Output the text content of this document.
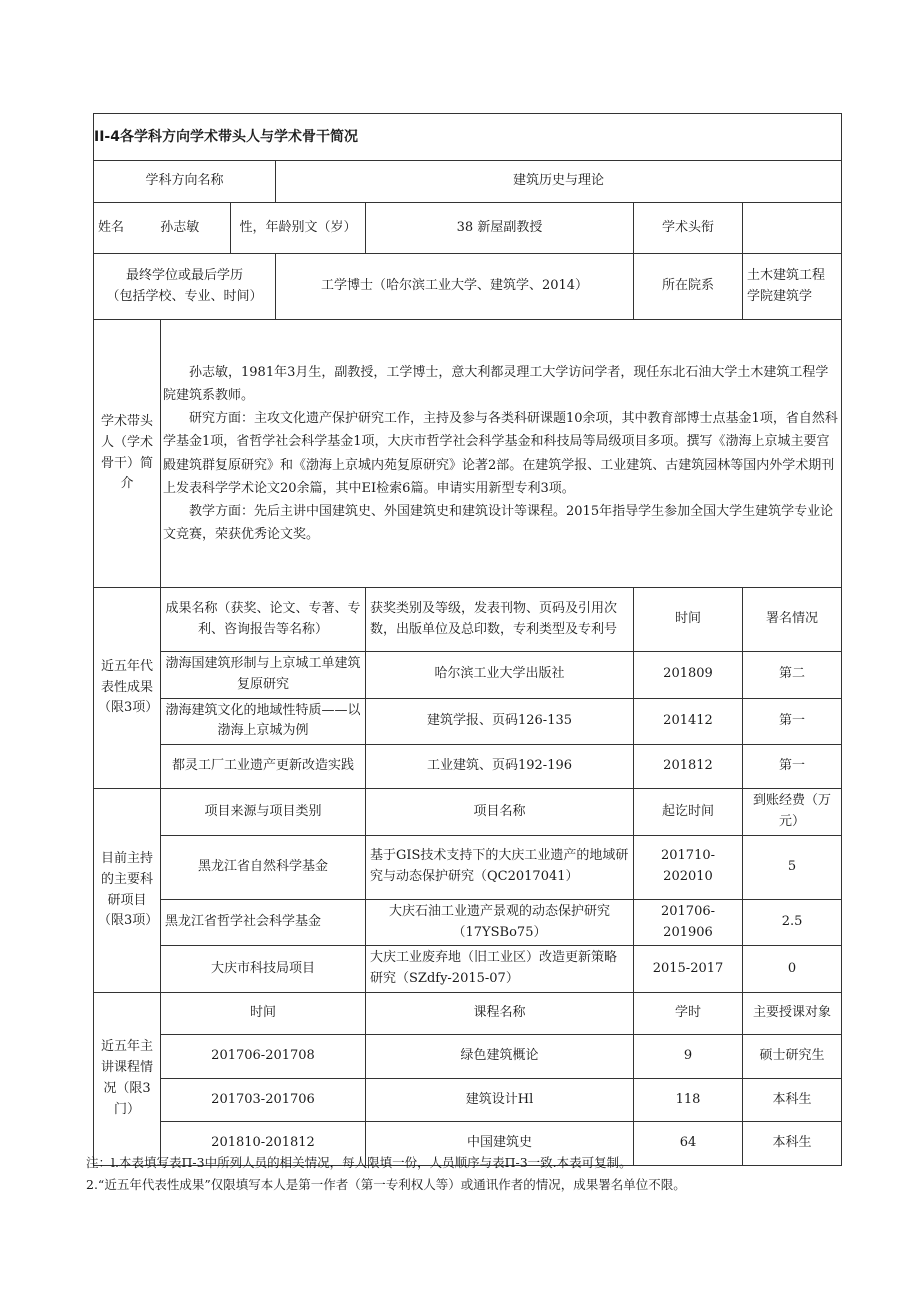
II-4各学科方向学术带头人与学术骨干简况						
学科方向名称			建筑历史与理论			
姓名 孙志敏		性，年龄别文（岁）		38 新屋副教授	学术头衔	

最终学位或最后学历
（包括学校、专业、时间）			工学博士（哈尔滨工业大学、建筑学、2014）		所在院系	土木建筑工程学院建筑学
学术带头人（学术骨干）简介	孙志敏，1981年3月生，副教授，工学博士，意大利都灵理工大学访问学者，现任东北石油大学土木建筑工程学院建筑系教师。

研究方面：主攻文化遗产保护研究工作，主持及参与各类科研课题10余项，其中教育部博士点基金1项，省自然科学基金1项，省哲学社会科学基金1项，大庆市哲学社会科学基金和科技局等局级项目多项。撰写《渤海上京城主要宫殿建筑群复原研究》和《渤海上京城内苑复原研究》论著2部。在建筑学报、工业建筑、古建筑园林等国内外学术期刊上发表科学学术论文20余篇，其中EI检索6篇。申请实用新型专利3项。

教学方面：先后主讲中国建筑史、外国建筑史和建筑设计等课程。2015年指导学生参加全国大学生建筑学专业论文竞赛，荣获优秀论文奖。					

近五年代表性成果（限3项）	成果名称（获奖、论文、专著、专利、咨询报告等名称）			获奖类别及等级，发表刊物、页码及引用次数，出版单位及总印数，专利类型及专利号	时间	署名情况
	渤海国建筑形制与上京城工单建筑复原研究			哈尔滨工业大学出版社	201809	第二
	渤海建筑文化的地域性特质——以渤海上京城为例			建筑学报、页码126-135	201412	第一
	都灵工厂工业遗产更新改造实践			工业建筑、页码192-196	201812	第一
目前主持的主要科研项目（限3项）	项目来源与项目类别			项目名称	起讫时间	到账经费（万元）
	黑龙江省自然科学基金			基于GIS技术支持下的大庆工业遗产的地域研究与动态保护研究（QC2017041）	201710-202010	5
	黑龙江省哲学社会科学基金			大庆石油工业遗产景观的动态保护研究（17YSBo75）	201706-201906	2.5
	大庆市科技局项目			大庆工业废弃地（旧工业区）改造更新策略研究（SZdfy-2015-07）	2015-2017	0
近五年主讲课程情况（限3门）	时间			课程名称	学时	主要授课对象
	201706-201708			绿色建筑概论	9	硕士研究生
	201703-201706			建筑设计Hl	118	本科生
	201810-201812			中国建筑史	64	本科生
注：l.本表填写表П-3中所列人员的相关情况，每人限填一份，人员顺序与表П-3一致.本表可复制。
2.“近五年代表性成果”仅限填写本人是第一作者（第一专利权人等）或通讯作者的情况，成果署名单位不限。
